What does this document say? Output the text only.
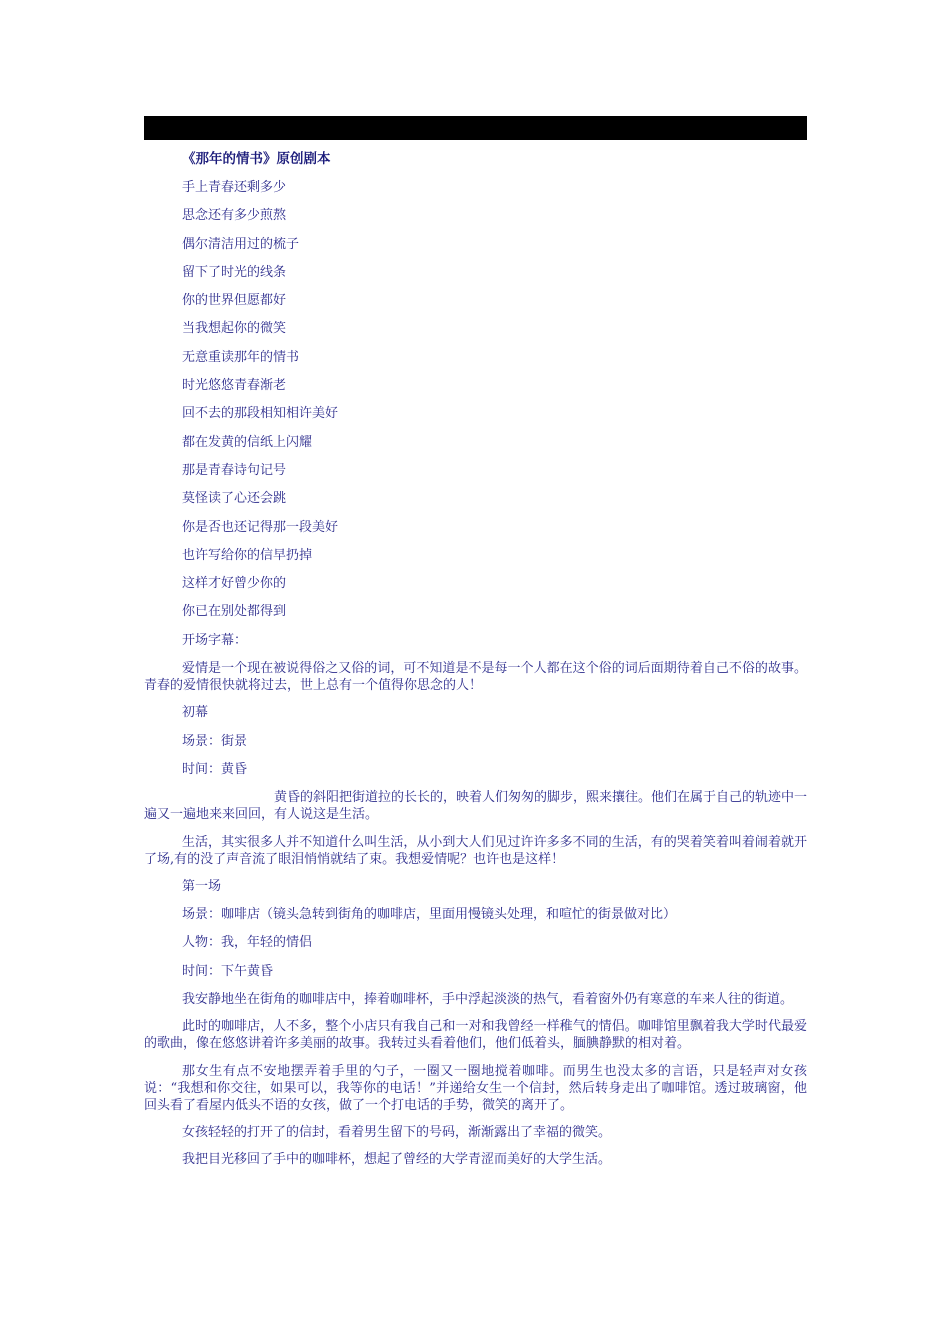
《那年的情书》原创剧本

手上青春还剩多少

思念还有多少煎熬

偶尔清洁用过的梳子

留下了时光的线条

你的世界但愿都好

当我想起你的微笑

无意重读那年的情书

时光悠悠青春渐老

回不去的那段相知相许美好

都在发黄的信纸上闪耀

那是青春诗句记号

莫怪读了心还会跳

你是否也还记得那一段美好

也许写给你的信早扔掉

这样才好曾少你的

你已在别处都得到

开场字幕：

爱情是一个现在被说得俗之又俗的词，可不知道是不是每一个人都在这个俗的词后面期待着自己不俗的故事。青春的爱情很快就将过去，世上总有一个值得你思念的人！

初幕

场景：街景

时间：黄昏

黄昏的斜阳把街道拉的长长的，映着人们匆匆的脚步，熙来攘往。他们在属于自己的轨迹中一遍又一遍地来来回回，有人说这是生活。

生活，其实很多人并不知道什么叫生活，从小到大人们见过许许多多不同的生活，有的哭着笑着叫着闹着就开了场,有的没了声音流了眼泪悄悄就结了束。我想爱情呢？也许也是这样！

第一场

场景：咖啡店（镜头急转到街角的咖啡店，里面用慢镜头处理，和喧忙的街景做对比）

人物：我，年轻的情侣

时间：下午黄昏

我安静地坐在街角的咖啡店中，捧着咖啡杯，手中浮起淡淡的热气，看着窗外仍有寒意的车来人往的街道。

此时的咖啡店，人不多，整个小店只有我自己和一对和我曾经一样稚气的情侣。咖啡馆里飘着我大学时代最爱的歌曲，像在悠悠讲着许多美丽的故事。我转过头看着他们，他们低着头，腼腆静默的相对着。

那女生有点不安地摆弄着手里的勺子，一圈又一圈地搅着咖啡。而男生也没太多的言语，只是轻声对女孩说：“我想和你交往，如果可以，我等你的电话！”并递给女生一个信封，然后转身走出了咖啡馆。透过玻璃窗，他回头看了看屋内低头不语的女孩，做了一个打电话的手势，微笑的离开了。

女孩轻轻的打开了的信封，看着男生留下的号码，渐渐露出了幸福的微笑。

我把目光移回了手中的咖啡杯，想起了曾经的大学青涩而美好的大学生活。
